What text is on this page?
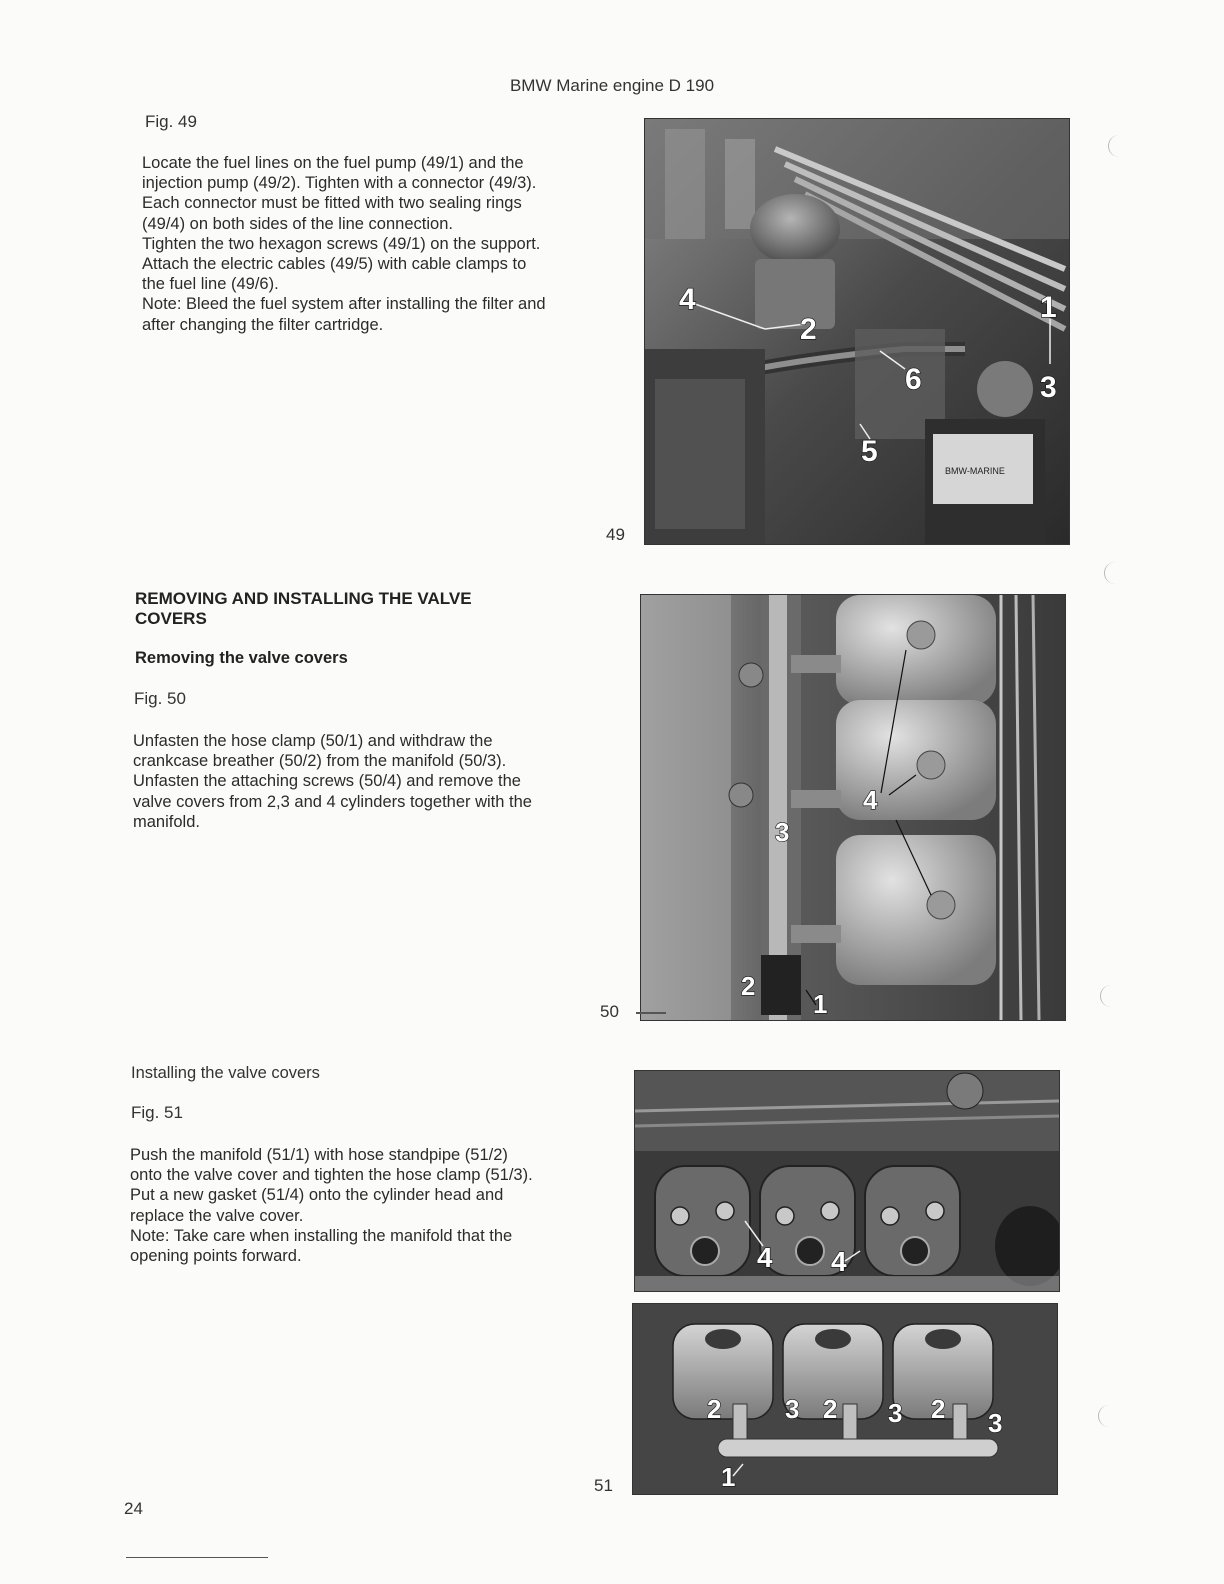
BMW Marine engine D 190
Fig. 49

Locate the fuel lines on the fuel pump (49/1) and the

injection pump (49/2). Tighten with a connector (49/3).

Each connector must be fitted with two sealing rings

(49/4) on both sides of the line connection.

Tighten the two hexagon screws (49/1) on the support.

Attach the electric cables (49/5) with cable clamps to

the fuel line (49/6).

Note: Bleed the fuel system after installing the filter and

after changing the filter cartridge.

BMW-MARINE
1
2
3
4
5
6
49

REMOVING AND INSTALLING THE VALVE

COVERS

Removing the valve covers
Fig. 50

Unfasten the hose clamp (50/1) and withdraw the

crankcase breather (50/2) from the manifold (50/3).

Unfasten the attaching screws (50/4) and remove the

valve covers from 2,3 and 4 cylinders together with the

manifold.

4
3
2
1
50
Installing the valve covers
Fig. 51

Push the manifold (51/1) with hose standpipe (51/2)

onto the valve cover and tighten the hose clamp (51/3).

Put a new gasket (51/4) onto the cylinder head and

replace the valve cover.

Note: Take care when installing the manifold that the

opening points forward.	4 4
2 3 2 3 2 3
1
51
24
